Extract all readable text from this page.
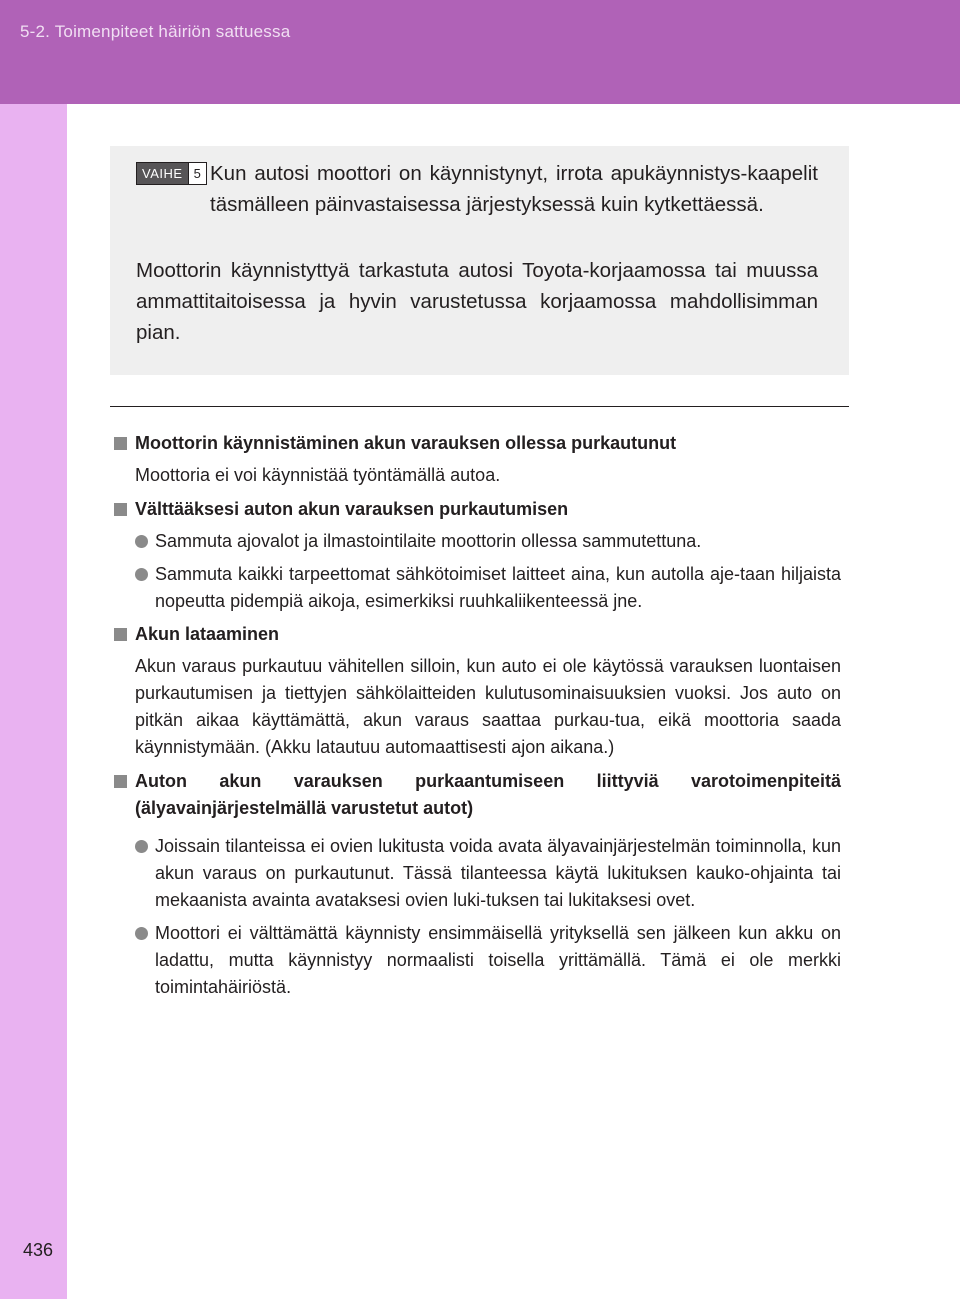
5-2. Toimenpiteet häiriön sattuessa
436
VAIHE 5 Kun autosi moottori on käynnistynyt, irrota apukäynnistys-kaapelit täsmälleen päinvastaisessa järjestyksessä kuin kytkettäessä.
Moottorin käynnistyttyä tarkastuta autosi Toyota-korjaamossa tai muussa ammattitaitoisessa ja hyvin varustetussa korjaamossa mahdollisimman pian.
Moottorin käynnistäminen akun varauksen ollessa purkautunut
Moottoria ei voi käynnistää työntämällä autoa.
Välttääksesi auton akun varauksen purkautumisen
Sammuta ajovalot ja ilmastointilaite moottorin ollessa sammutettuna.
Sammuta kaikki tarpeettomat sähkötoimiset laitteet aina, kun autolla aje-taan hiljaista nopeutta pidempiä aikoja, esimerkiksi ruuhkaliikenteessä jne.
Akun lataaminen
Akun varaus purkautuu vähitellen silloin, kun auto ei ole käytössä varauksen luontaisen purkautumisen ja tiettyjen sähkölaitteiden kulutusominaisuuksien vuoksi. Jos auto on pitkän aikaa käyttämättä, akun varaus saattaa purkau-tua, eikä moottoria saada käynnistymään. (Akku latautuu automaattisesti ajon aikana.)
Auton akun varauksen purkaantumiseen liittyviä varotoimenpiteitä (älyavainjärjestelmällä varustetut autot)
Joissain tilanteissa ei ovien lukitusta voida avata älyavainjärjestelmän toiminnolla, kun akun varaus on purkautunut. Tässä tilanteessa käytä lukituksen kauko-ohjainta tai mekaanista avainta avataksesi ovien luki-tuksen tai lukitaksesi ovet.
Moottori ei välttämättä käynnisty ensimmäisellä yrityksellä sen jälkeen kun akku on ladattu, mutta käynnistyy normaalisti toisella yrittämällä. Tämä ei ole merkki toimintahäiriöstä.
